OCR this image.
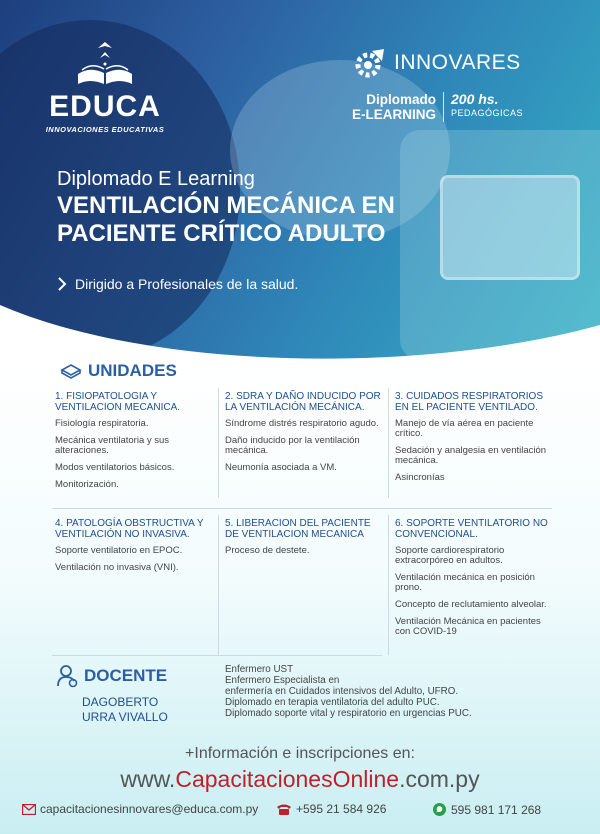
EDUCA
INNOVACIONES EDUCATIVAS
INNOVARES
Diplomado
E-LEARNING
200 hs.
PEDAGÓGICAS
Diplomado E Learning
VENTILACIÓN MECÁNICA EN
PACIENTE CRÍTICO ADULTO
Dirigido a Profesionales de la salud.
UNIDADES
1. FISIOPATOLOGIA Y VENTILACION MECANICA.
Fisiología respiratoria.
Mecánica ventilatoria y sus alteraciones.
Modos ventilatorios básicos.
Monitorización.
2. SDRA Y DAÑO INDUCIDO POR LA VENTILACIÓN MECÁNICA.
Síndrome distrés respiratorio agudo.
Daño inducido por la ventilación mecánica.
Neumonía asociada a VM.
3. CUIDADOS RESPIRATORIOS EN EL PACIENTE VENTILADO.
Manejo de vía aérea en paciente crítico.
Sedación y analgesia en ventilación mecánica.
Asincronías
4. PATOLOGÍA OBSTRUCTIVA Y VENTILACIÓN NO INVASIVA.
Soporte ventilatorio en EPOC.
Ventilación no invasiva (VNI).
5. LIBERACION DEL PACIENTE DE VENTILACION MECANICA
Proceso de destete.
6. SOPORTE VENTILATORIO NO CONVENCIONAL.
Soporte cardiorespiratorio extracorpóreo en adultos.
Ventilación mecánica en posición prono.
Concepto de reclutamiento alveolar.
Ventilación Mecánica en pacientes con COVID-19
DOCENTE
DAGOBERTO
URRA VIVALLO
Enfermero UST
Enfermero Especialista en
enfermería en Cuidados intensivos del Adulto, UFRO.
Diplomado en terapia ventilatoria del adulto PUC.
Diplomado soporte vital y respiratorio en urgencias PUC.
+Información e inscripciones en:
www.CapacitacionesOnline.com.py
capacitacionesinnovares@educa.com.py	+595 21 584 926	595 981 171 268
